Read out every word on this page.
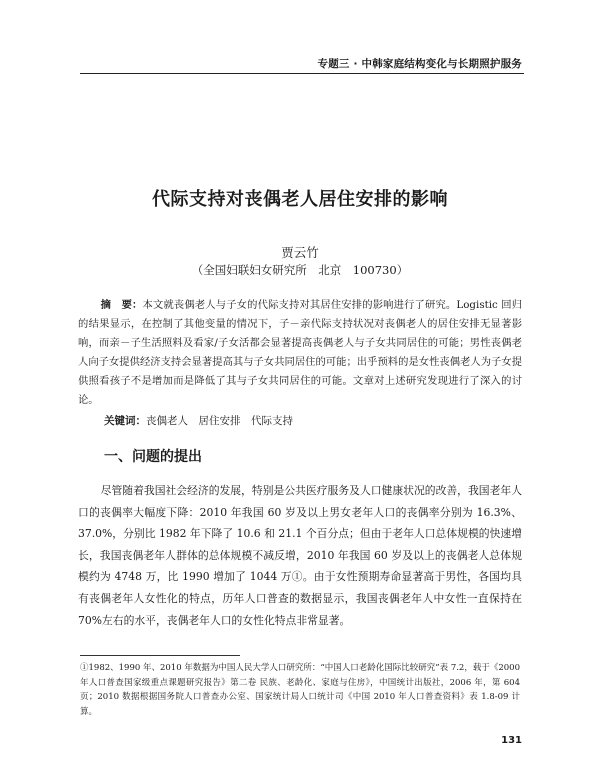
专题三 · 中韩家庭结构变化与长期照护服务
代际支持对丧偶老人居住安排的影响
贾云竹
（全国妇联妇女研究所　北京　100730）
摘　要：本文就丧偶老人与子女的代际支持对其居住安排的影响进行了研究。Logistic 回归的结果显示，在控制了其他变量的情况下，子－亲代际支持状况对丧偶老人的居住安排无显著影响，而亲－子生活照料及看家/子女活都会显著提高丧偶老人与子女共同居住的可能；男性丧偶老人向子女提供经济支持会显著提高其与子女共同居住的可能；出乎预料的是女性丧偶老人为子女提供照看孩子不是增加而是降低了其与子女共同居住的可能。文章对上述研究发现进行了深入的讨论。
关键词：丧偶老人　居住安排　代际支持
一、问题的提出
尽管随着我国社会经济的发展，特别是公共医疗服务及人口健康状况的改善，我国老年人口的丧偶率大幅度下降：2010 年我国 60 岁及以上男女老年人口的丧偶率分别为 16.3%、37.0%，分别比 1982 年下降了 10.6 和 21.1 个百分点；但由于老年人口总体规模的快速增长，我国丧偶老年人群体的总体规模不减反增，2010 年我国 60 岁及以上的丧偶老人总体规模约为 4748 万，比 1990 增加了 1044 万①。由于女性预期寿命显著高于男性，各国均具有丧偶老年人女性化的特点，历年人口普查的数据显示，我国丧偶老年人中女性一直保持在 70%左右的水平，丧偶老年人口的女性化特点非常显著。
①1982、1990 年、2010 年数据为中国人民大学人口研究所：“中国人口老龄化国际比较研究”表 7.2，载于《2000 年人口普查国家级重点课题研究报告》第二卷 民族、老龄化、家庭与住房》，中国统计出版社，2006 年，第 604 页；2010 数据根据国务院人口普查办公室、国家统计局人口统计司《中国 2010 年人口普查资料》表 1.8-09 计算。
131
